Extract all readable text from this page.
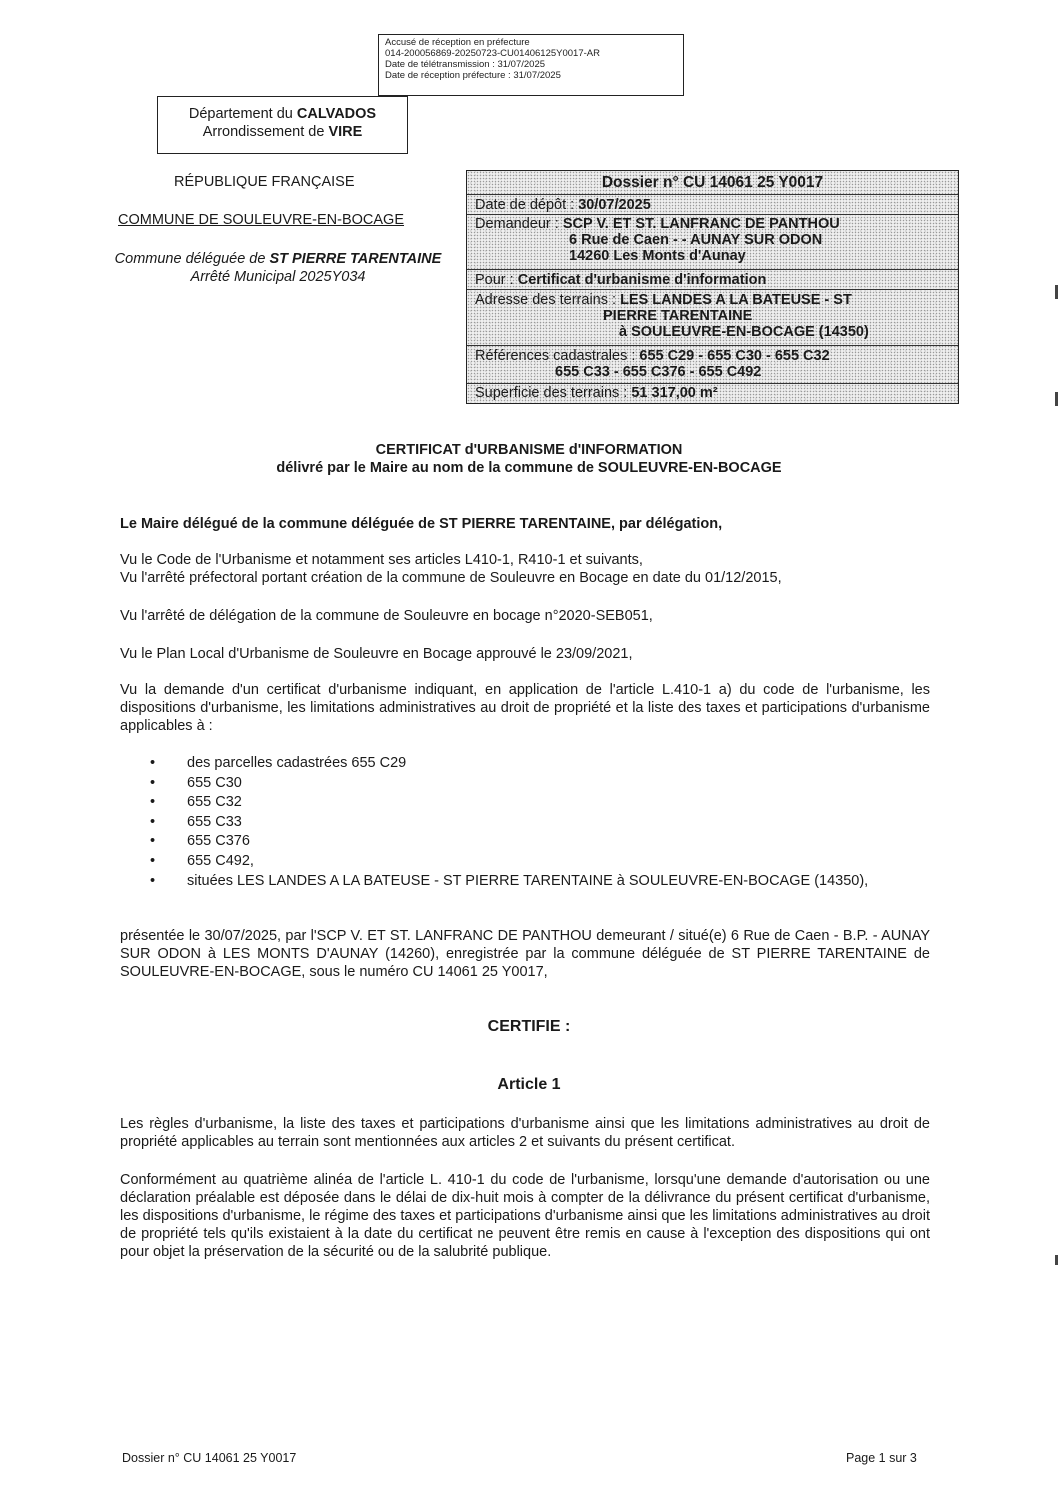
Accusé de réception en préfecture
014-200056869-20250723-CU01406125Y0017-AR
Date de télétransmission : 31/07/2025
Date de réception préfecture : 31/07/2025
Département du CALVADOS
Arrondissement de VIRE
RÉPUBLIQUE FRANÇAISE
COMMUNE DE SOULEUVRE-EN-BOCAGE
Commune déléguée de ST PIERRE TARENTAINE
Arrêté Municipal 2025Y034
Dossier n° CU 14061 25 Y0017
Date de dépôt : 30/07/2025
Demandeur : SCP V. ET ST. LANFRANC DE PANTHOU
6 Rue de Caen - - AUNAY SUR ODON
14260 Les Monts d'Aunay
Pour : Certificat d'urbanisme d'information
Adresse des terrains : LES LANDES A LA BATEUSE - ST
PIERRE TARENTAINE
à SOULEUVRE-EN-BOCAGE (14350)
Références cadastrales : 655 C29 - 655 C30 - 655 C32
655 C33 - 655 C376 - 655 C492
Superficie des terrains : 51 317,00 m²
CERTIFICAT d'URBANISME d'INFORMATION
délivré par le Maire au nom de la commune de SOULEUVRE-EN-BOCAGE
Le Maire délégué de la commune déléguée de ST PIERRE TARENTAINE, par délégation,
Vu le Code de l'Urbanisme et notamment ses articles L410-1, R410-1 et suivants,
Vu l'arrêté préfectoral portant création de la commune de Souleuvre en Bocage en date du 01/12/2015,
Vu l'arrêté de délégation de la commune de Souleuvre en bocage n°2020-SEB051,
Vu le Plan Local d'Urbanisme de Souleuvre en Bocage approuvé le 23/09/2021,
Vu la demande d'un certificat d'urbanisme indiquant, en application de l'article L.410-1 a) du code de l'urbanisme, les dispositions d'urbanisme, les limitations administratives au droit de propriété et la liste des taxes et participations d'urbanisme applicables à :
• des parcelles cadastrées 655 C29
• 655 C30
• 655 C32
• 655 C33
• 655 C376
• 655 C492,
• situées LES LANDES A LA BATEUSE - ST PIERRE TARENTAINE à SOULEUVRE-EN-BOCAGE (14350),
présentée le 30/07/2025, par l'SCP V. ET ST. LANFRANC DE PANTHOU demeurant / situé(e) 6 Rue de Caen - B.P. - AUNAY SUR ODON à LES MONTS D'AUNAY (14260), enregistrée par la commune déléguée de ST PIERRE TARENTAINE de SOULEUVRE-EN-BOCAGE, sous le numéro CU 14061 25 Y0017,
CERTIFIE :
Article 1
Les règles d'urbanisme, la liste des taxes et participations d'urbanisme ainsi que les limitations administratives au droit de propriété applicables au terrain sont mentionnées aux articles 2 et suivants du présent certificat.
Conformément au quatrième alinéa de l'article L. 410-1 du code de l'urbanisme, lorsqu'une demande d'autorisation ou une déclaration préalable est déposée dans le délai de dix-huit mois à compter de la délivrance du présent certificat d'urbanisme, les dispositions d'urbanisme, le régime des taxes et participations d'urbanisme ainsi que les limitations administratives au droit de propriété tels qu'ils existaient à la date du certificat ne peuvent être remis en cause à l'exception des dispositions qui ont pour objet la préservation de la sécurité ou de la salubrité publique.
Dossier n° CU 14061 25 Y0017	Page 1 sur 3
